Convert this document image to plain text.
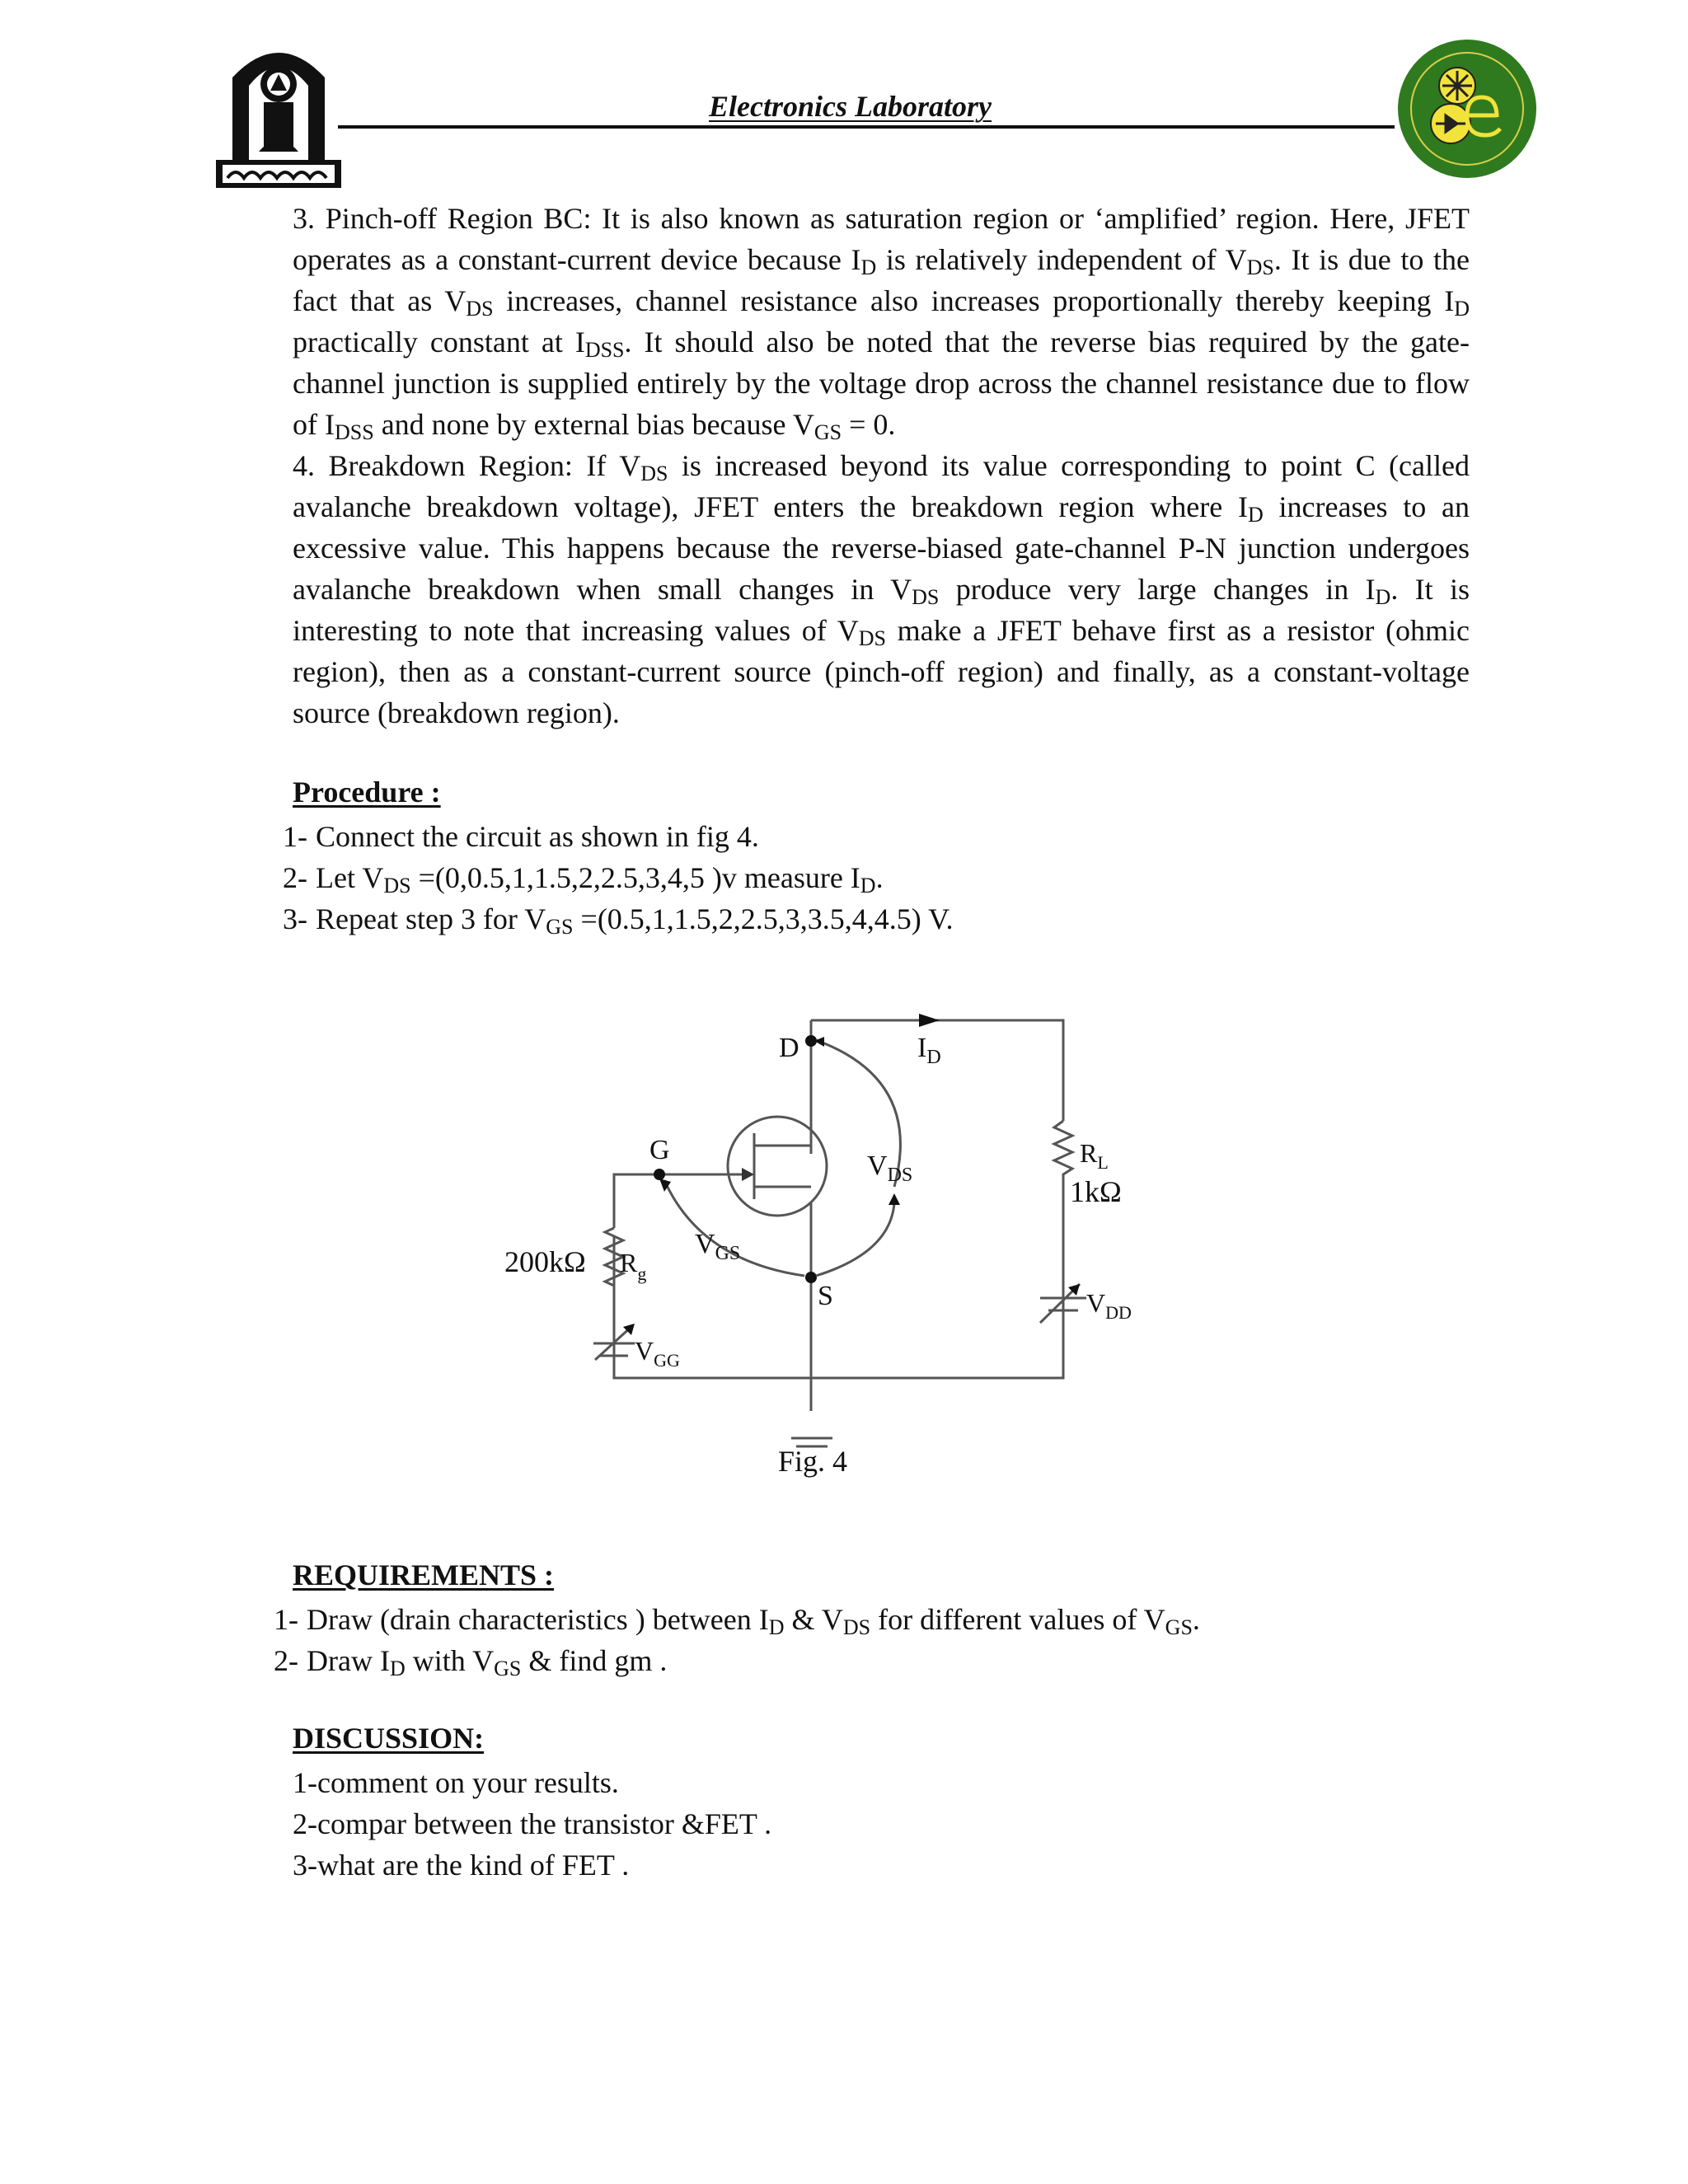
Electronics Laboratory
3. Pinch-off Region BC: It is also known as saturation region or ‘amplified’ region. Here, JFET operates as a constant-current device because $I_D$ is relatively independent of $V_{DS}$. It is due to the fact that as $V_{DS}$ increases, channel resistance also increases proportionally thereby keeping $I_D$ practically constant at $I_{DSS}$. It should also be noted that the reverse bias required by the gate-channel junction is supplied entirely by the voltage drop across the channel resistance due to flow of $I_{DSS}$ and none by external bias because $V_{GS} = 0$.
4. Breakdown Region: If $V_{DS}$ is increased beyond its value corresponding to point C (called avalanche breakdown voltage), JFET enters the breakdown region where $I_D$ increases to an excessive value. This happens because the reverse-biased gate-channel P-N junction undergoes avalanche breakdown when small changes in $V_{DS}$ produce very large changes in $I_D$. It is interesting to note that increasing values of $V_{DS}$ make a JFET behave first as a resistor (ohmic region), then as a constant-current source (pinch-off region) and finally, as a constant-voltage source (breakdown region).
Procedure :
1- Connect the circuit as shown in fig 4.
2- Let $V_{DS} =(0,0.5,1,1.5,2,2.5,3,4,5$ )v measure $I_D$.
3- Repeat step 3 for $V_{GS} =(0.5,1,1.5,2,2.5,3,3.5,4,4.5)$ V.
D
G
S
$I_D$
$V_{DS}$
$V_{GS}$
200kΩ $R_g$
$V_{GG}$
$R_L$
1kΩ
$V_{DD}$
Fig. 4
REQUIREMENTS :
1- Draw (drain characteristics ) between $I_D$ & $V_{DS}$ for different values of $V_{GS}$.
2- Draw $I_D$ with $V_{GS}$ & find gm .
DISCUSSION:
1-comment on your results.
2-compar between the transistor &FET .
3-what are the kind of FET .
